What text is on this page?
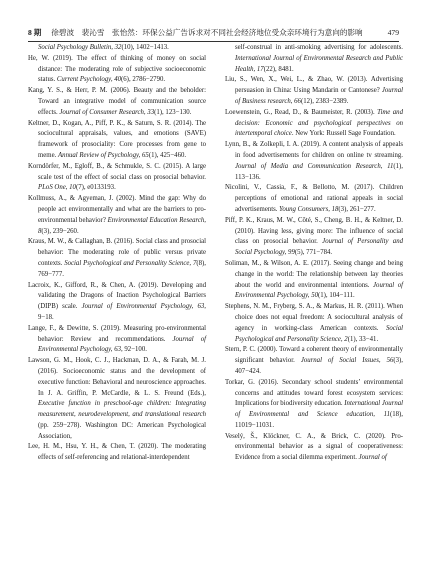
8 期 徐碧波　裴沁雪　张怡然：环保公益广告诉求对不同社会经济地位受众亲环境行为意向的影响	479

Social Psychology Bulletin, 32(10), 1402−1413.

He, W. (2019). The effect of thinking of money on social distance: The moderating role of subjective socioeconomic status. Current Psychology, 40(6), 2786−2790.

Kang, Y. S., & Herr, P. M. (2006). Beauty and the beholder: Toward an integrative model of communication source effects. Journal of Consumer Research, 33(1), 123−130.

Keltner, D., Kogan, A., Piff, P. K., & Saturn, S. R. (2014). The sociocultural appraisals, values, and emotions (SAVE) framework of prosociality: Core processes from gene to meme. Annual Review of Psychology, 65(1), 425−460.

Korndörfer, M., Egloff, B., & Schmukle, S. C. (2015). A large scale test of the effect of social class on prosocial behavior. PLoS One, 10(7), e0133193.

Kollmuss, A., & Agyeman, J. (2002). Mind the gap: Why do people act environmentally and what are the barriers to pro-environmental behavior? Environmental Education Research, 8(3), 239−260.

Kraus, M. W., & Callaghan, B. (2016). Social class and prosocial behavior: The moderating role of public versus private contexts. Social Psychological and Personality Science, 7(8), 769−777.

Lacroix, K., Gifford, R., & Chen, A. (2019). Developing and validating the Dragons of Inaction Psychological Barriers (DIPB) scale. Journal of Environmental Psychology, 63, 9−18.

Lange, F., & Dewitte, S. (2019). Measuring pro-environmental behavior: Review and recommendations. Journal of Environmental Psychology, 63, 92−100.

Lawson, G. M., Hook, C. J., Hackman, D. A., & Farah, M. J. (2016). Socioeconomic status and the development of executive function: Behavioral and neuroscience approaches. In J. A. Griffin, P. McCardle, & L. S. Freund (Eds.), Executive function in preschool-age children: Integrating measurement, neurodevelopment, and translational research (pp. 259−278). Washington DC: American Psychological Association,

Lee, H. M., Hsu, Y. H., & Chen, T. (2020). The moderating effects of self-referencing and relational-interdependent

self-construal in anti-smoking advertising for adolescents. International Journal of Environmental Research and Public Health, 17(22), 8481.

Liu, S., Wen, X., Wei, L., & Zhao, W. (2013). Advertising persuasion in China: Using Mandarin or Cantonese? Journal of Business research, 66(12), 2383−2389.

Loewenstein, G., Read, D., & Baumeister, R. (2003). Time and decision: Economic and psychological perspectives on intertemporal choice. New York: Russell Sage Foundation.

Lynn, B., & Zolkepli, I. A. (2019). A content analysis of appeals in food advertisements for children on online tv streaming. Journal of Media and Communication Research, 11(1), 113−136.

Nicolini, V., Cassia, F., & Bellotto, M. (2017). Children perceptions of emotional and rational appeals in social advertisements. Young Consumers, 18(3), 261−277.

Piff, P. K., Kraus, M. W., Côté, S., Cheng, B. H., & Keltner, D. (2010). Having less, giving more: The influence of social class on prosocial behavior. Journal of Personality and Social Psychology, 99(5), 771−784.

Soliman, M., & Wilson, A. E. (2017). Seeing change and being change in the world: The relationship between lay theories about the world and environmental intentions. Journal of Environmental Psychology, 50(1), 104−111.

Stephens, N. M., Fryberg, S. A., & Markus, H. R. (2011). When choice does not equal freedom: A sociocultural analysis of agency in working-class American contexts. Social Psychological and Personality Science, 2(1), 33−41.

Stern, P. C. (2000). Toward a coherent theory of environmentally significant behavior. Journal of Social Issues, 56(3), 407−424.

Torkar, G. (2016). Secondary school students’ environmental concerns and attitudes toward forest ecosystem services: Implications for biodiversity education. International Journal of Environmental and Science education, 11(18), 11019−11031.

Veselý, Š., Klöckner, C. A., & Brick, C. (2020). Pro-environmental behavior as a signal of cooperativeness: Evidence from a social dilemma experiment. Journal of
